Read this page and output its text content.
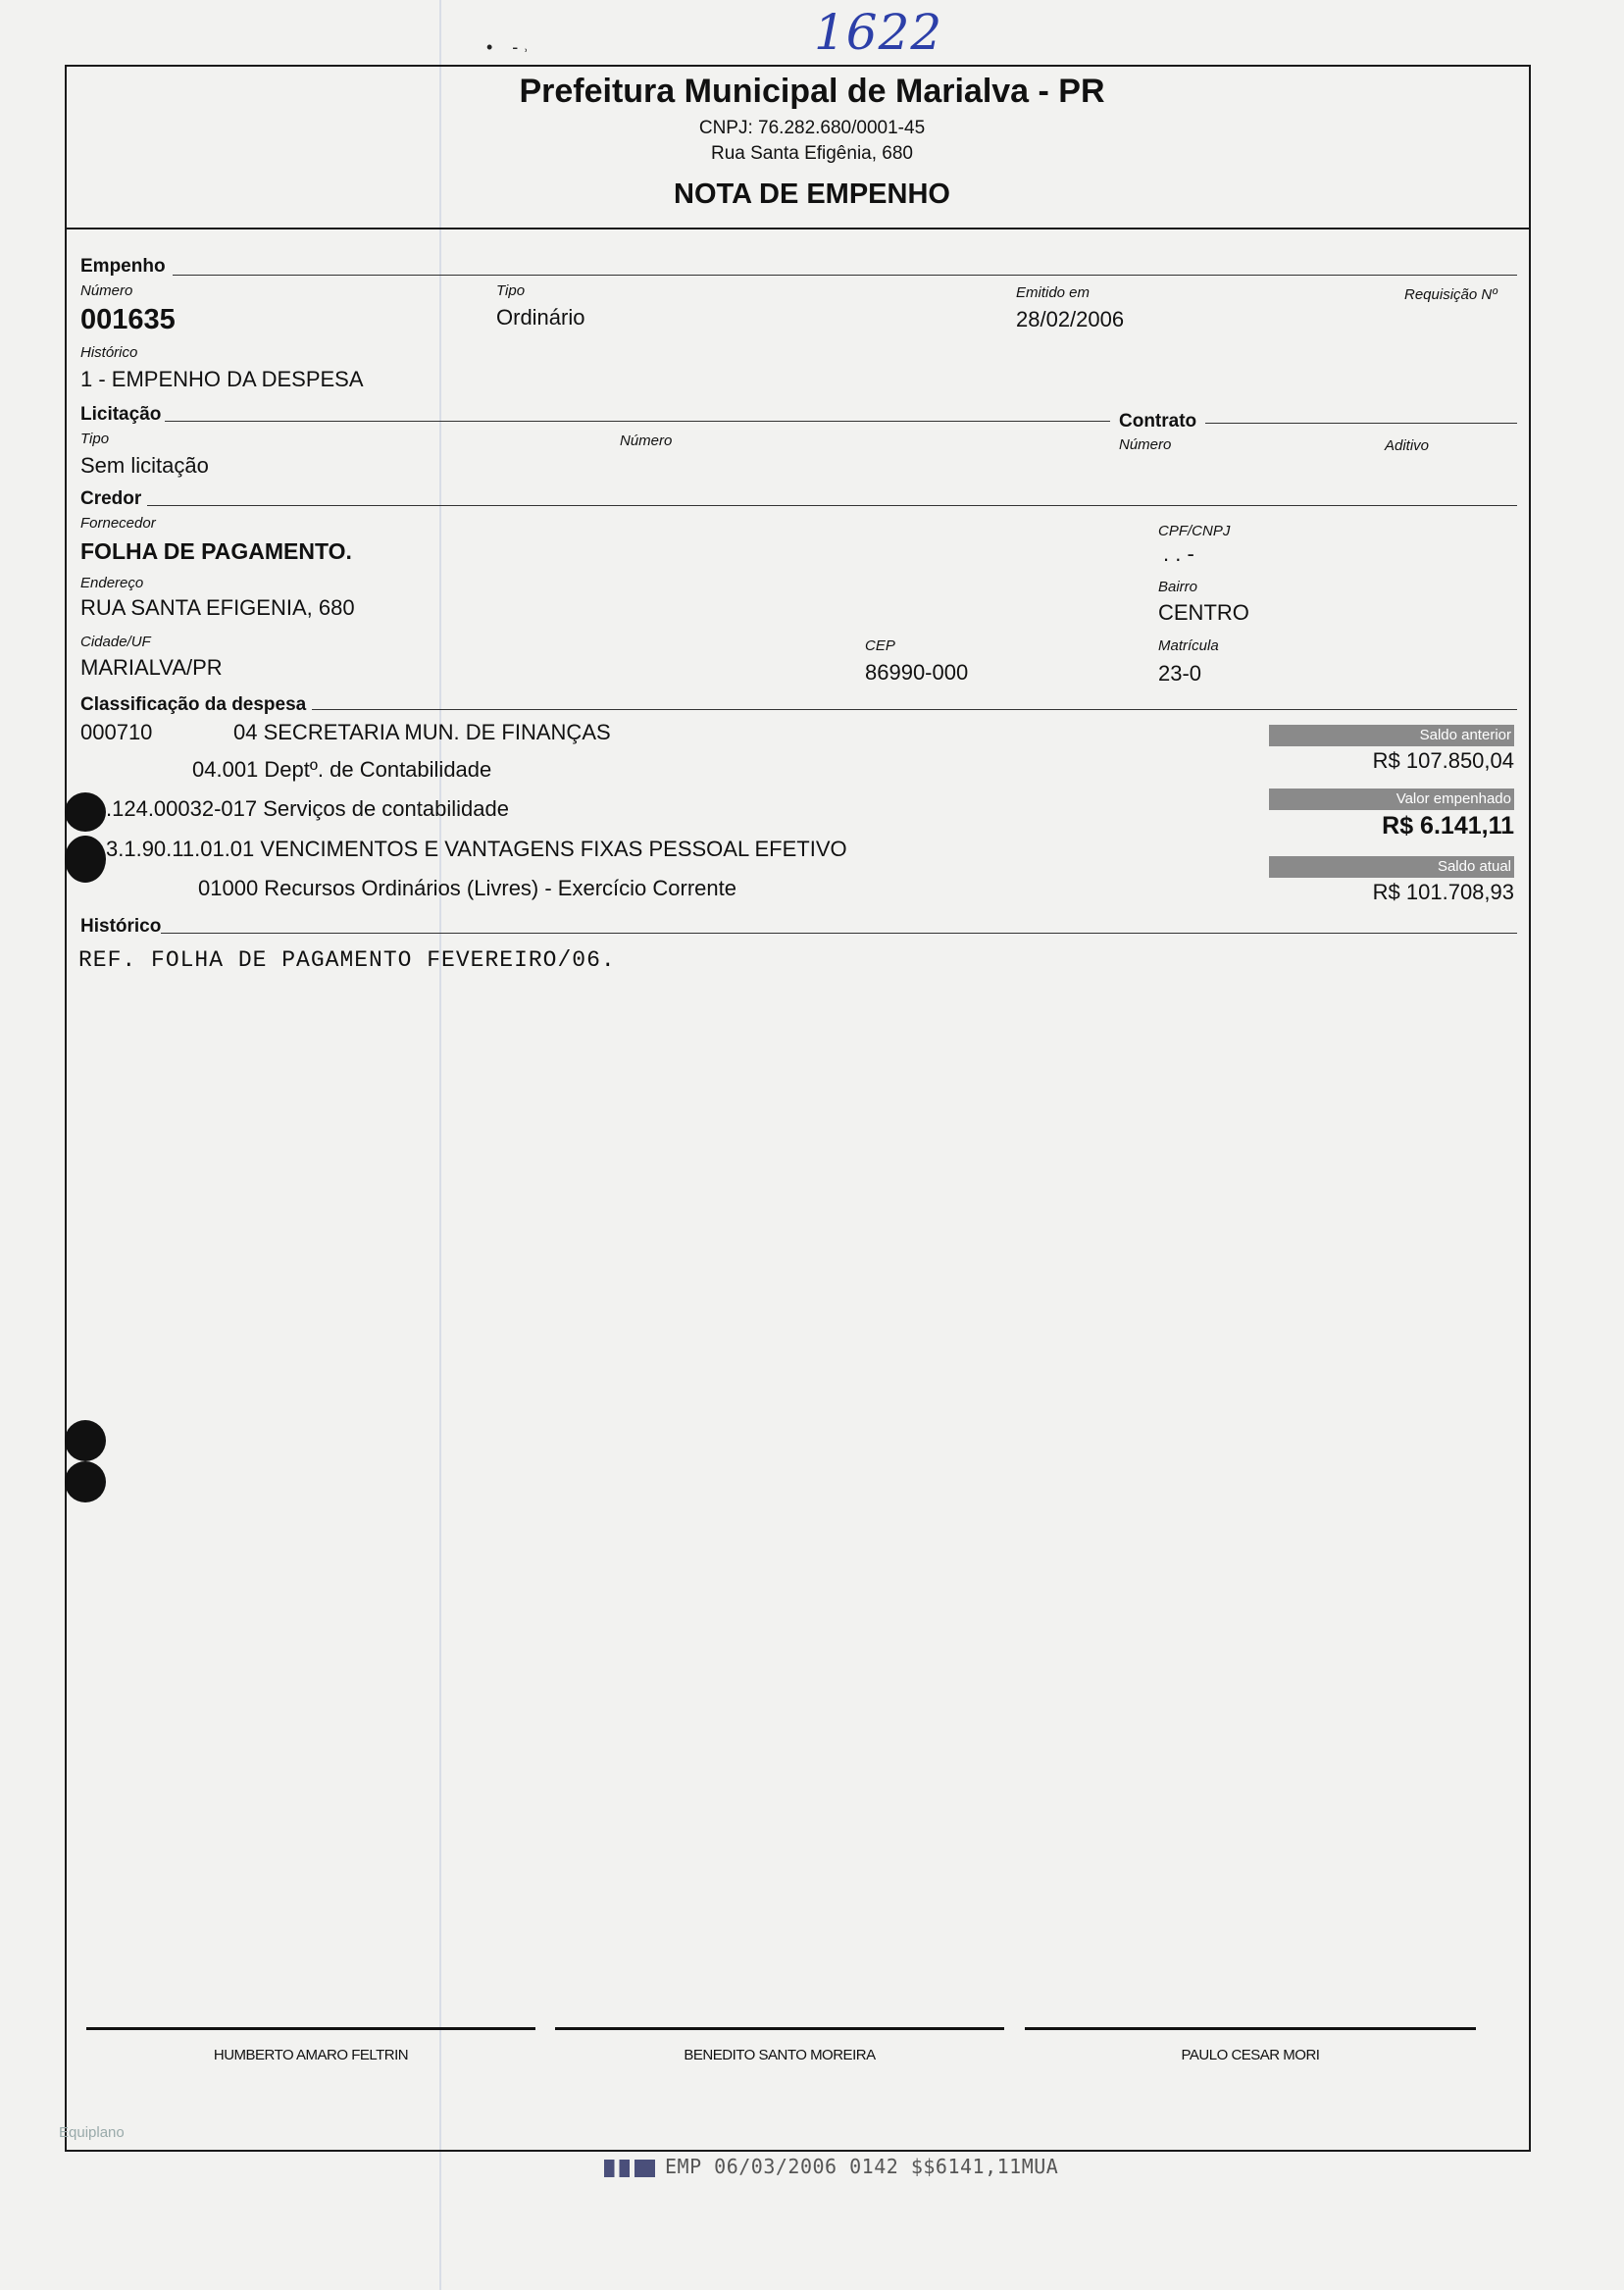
•    - ˒	1622
Prefeitura Municipal de Marialva - PR
CNPJ: 76.282.680/0001-45
Rua Santa Efigênia, 680
NOTA DE EMPENHO
Empenho
Número
001635
Tipo
Ordinário
Emitido em
28/02/2006
Requisição Nº
Histórico
1 - EMPENHO DA DESPESA
Licitação
Tipo
Sem licitação
Número
Contrato
Número	Aditivo
Credor
Fornecedor
FOLHA DE PAGAMENTO.
CPF/CNPJ
. . -
Endereço
RUA SANTA EFIGENIA, 680
Bairro
CENTRO
Cidade/UF
MARIALVA/PR
CEP
86990-000
Matrícula
23-0
Classificação da despesa
000710	04 SECRETARIA MUN. DE FINANÇAS
04.001 Deptº. de Contabilidade
.124.00032-017 Serviços de contabilidade
3.1.90.11.01.01 VENCIMENTOS E VANTAGENS FIXAS PESSOAL EFETIVO
01000 Recursos Ordinários (Livres) - Exercício Corrente
Saldo anterior
R$ 107.850,04
Valor empenhado
R$ 6.141,11
Saldo atual
R$ 101.708,93
Histórico
REF. FOLHA DE PAGAMENTO FEVEREIRO/06.
HUMBERTO AMARO FELTRIN	BENEDITO SANTO MOREIRA	PAULO CESAR MORI
Equiplano
EMP 06/03/2006 0142 $$6141,11MUA
